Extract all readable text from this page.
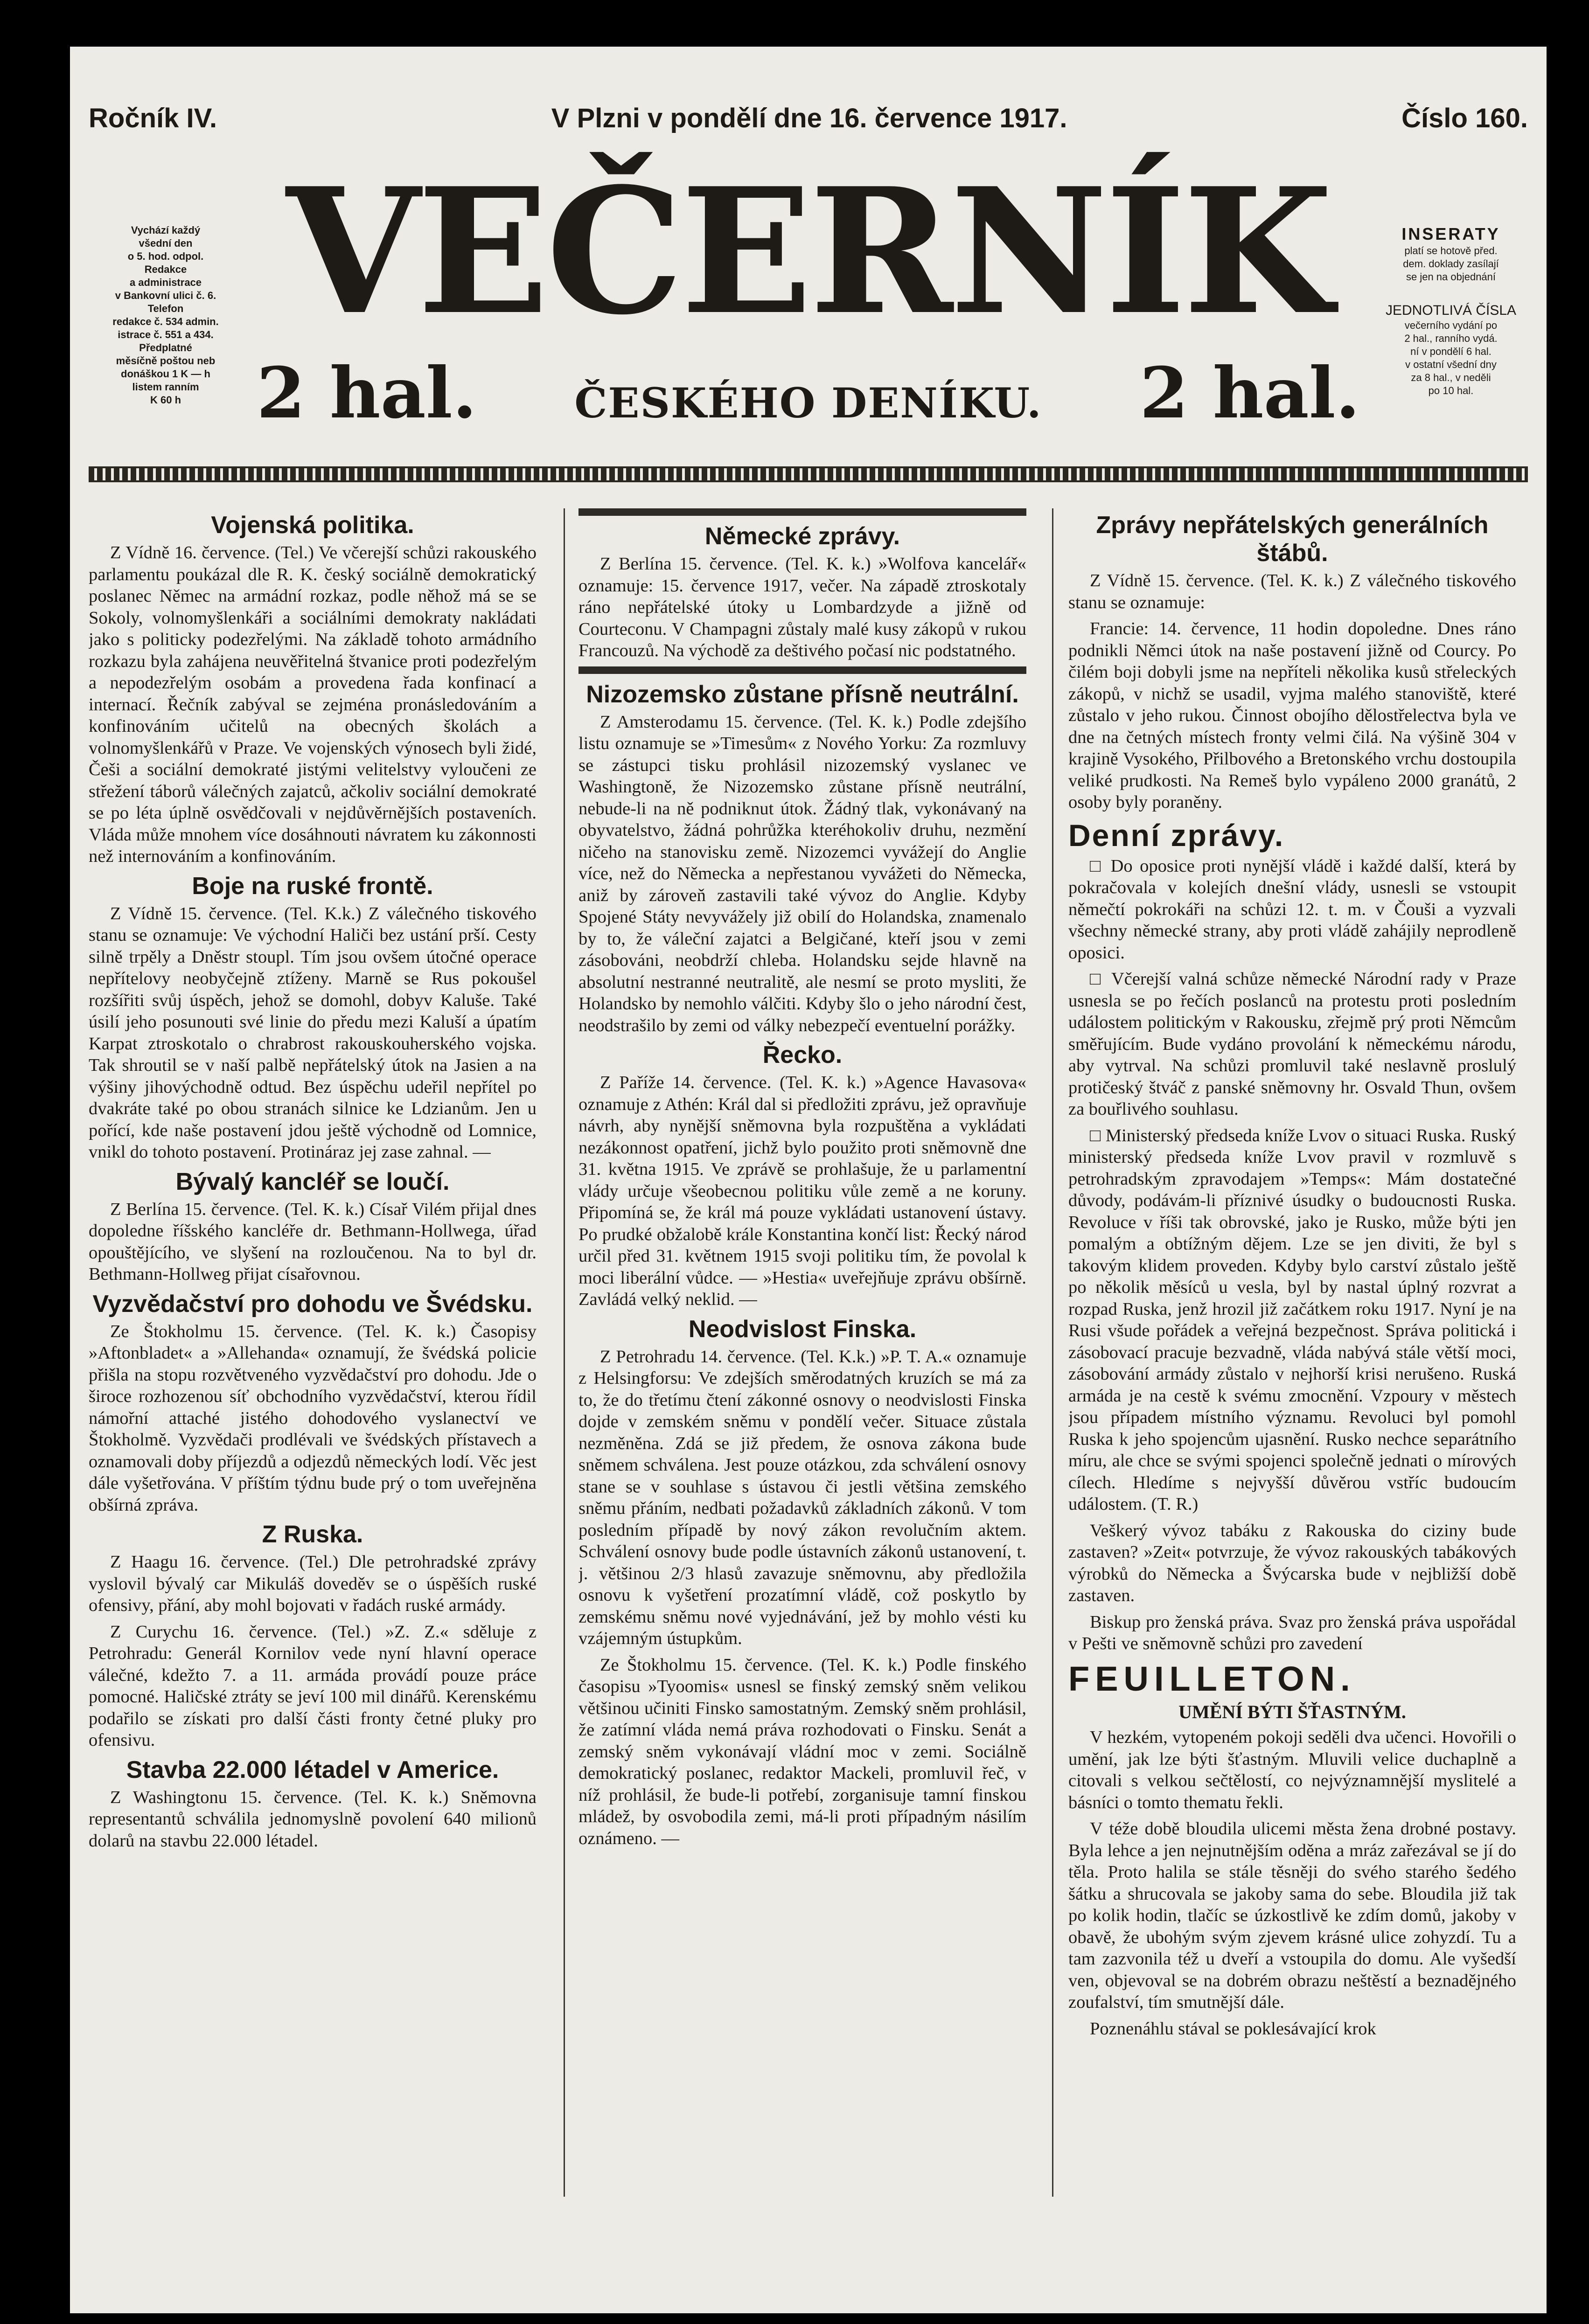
Ročník IV.	V Plzni v pondělí dne 16. července 1917.	Číslo 160.
Vychází každý
všední den
o 5. hod. odpol.
Redakce
a administrace
v Bankovní ulici č. 6.
Telefon
redakce č. 534 admin.
istrace č. 551 a 434.
Předplatné
měsíčně poštou neb
donáškou 1 K — h
listem ranním
K 60 h
VEČERNÍK
2 hal. ČESKÉHO DENÍKU. 2 hal.
INSERATY
platí se hotově před.
dem. doklady zasílají
se jen na objednání
JEDNOTLIVÁ ČÍSLA
večerního vydání po
2 hal., ranního vydá.
ní v pondělí 6 hal.
v ostatní všední dny
za 8 hal., v neděli
po 10 hal.
Vojenská politika.

Z Vídně 16. července. (Tel.) Ve včerejší schůzi rakouského parlamentu poukázal dle R. K. český sociálně demokratický poslanec Němec na armádní rozkaz, podle něhož má se se Sokoly, volnomyšlenkáři a sociálními demokraty nakládati jako s politicky podezřelými. Na základě tohoto armádního rozkazu byla zahájena neuvěřitelná štvanice proti podezřelým a nepodezřelým osobám a provedena řada konfinací a internací. Řečník zabýval se zejména pronásledováním a konfinováním učitelů na obecných školách a volnomyšlenkářů v Praze. Ve vojenských výnosech byli židé, Češi a sociální demokraté jistými velitelstvy vyloučeni ze střežení táborů válečných zajatců, ačkoliv sociální demokraté se po léta úplně osvědčovali v nejdůvěrnějších postaveních. Vláda může mnohem více dosáhnouti návratem ku zákonnosti než internováním a konfinováním.

Boje na ruské frontě.

Z Vídně 15. července. (Tel. K.k.) Z válečného tiskového stanu se oznamuje: Ve východní Haliči bez ustání prší. Cesty silně trpěly a Dněstr stoupl. Tím jsou ovšem útočné operace nepřítelovy neobyčejně ztíženy. Marně se Rus pokoušel rozšířiti svůj úspěch, jehož se domohl, dobyv Kaluše. Také úsilí jeho posunouti své linie do předu mezi Kaluší a úpatím Karpat ztroskotalo o chrabrost rakouskouherského vojska. Tak shroutil se v naší palbě nepřátelský útok na Jasien a na výšiny jihovýchodně odtud. Bez úspěchu udeřil nepřítel po dvakráte také po obou stranách silnice ke Ldzianům. Jen u pořící, kde naše postavení jdou ještě východně od Lomnice, vnikl do tohoto postavení. Protináraz jej zase zahnal. —

Bývalý kancléř se loučí.

Z Berlína 15. července. (Tel. K. k.) Císař Vilém přijal dnes dopoledne říšského kancléře dr. Bethmann-Hollwega, úřad opouštějícího, ve slyšení na rozloučenou. Na to byl dr. Bethmann-Hollweg přijat císařovnou.

Vyzvědačství pro dohodu ve Švédsku.

Ze Štokholmu 15. července. (Tel. K. k.) Časopisy »Aftonbladet« a »Allehanda« oznamují, že švédská policie přišla na stopu rozvětveného vyzvědačství pro dohodu. Jde o široce rozhozenou síť obchodního vyzvědačství, kterou řídil námořní attaché jistého dohodového vyslanectví ve Štokholmě. Vyzvědači prodlévali ve švédských přístavech a oznamovali doby příjezdů a odjezdů německých lodí. Věc jest dále vyšetřována. V příštím týdnu bude prý o tom uveřejněna obšírná zpráva.

Z Ruska.

Z Haagu 16. července. (Tel.) Dle petrohradské zprávy vyslovil bývalý car Mikuláš doveděv se o úspěších ruské ofensivy, přání, aby mohl bojovati v řadách ruské armády.

Z Curychu 16. července. (Tel.) »Z. Z.« sděluje z Petrohradu: Generál Kornilov vede nyní hlavní operace válečné, kdežto 7. a 11. armáda provádí pouze práce pomocné. Haličské ztráty se jeví 100 mil dinářů. Kerenskému podařilo se získati pro další části fronty četné pluky pro ofensivu.

Stavba 22.000 létadel v Americe.

Z Washingtonu 15. července. (Tel. K. k.) Sněmovna representantů schválila jednomyslně povolení 640 milionů dolarů na stavbu 22.000 létadel.

Německé zprávy.

Z Berlína 15. července. (Tel. K. k.) »Wolfova kancelář« oznamuje: 15. července 1917, večer. Na západě ztroskotaly ráno nepřátelské útoky u Lombardzyde a jižně od Courteconu. V Champagni zůstaly malé kusy zákopů v rukou Francouzů. Na východě za deštivého počasí nic podstatného.

Nizozemsko zůstane přísně neutrální.

Z Amsterodamu 15. července. (Tel. K. k.) Podle zdejšího listu oznamuje se »Timesům« z Nového Yorku: Za rozmluvy se zástupci tisku prohlásil nizozemský vyslanec ve Washingtoně, že Nizozemsko zůstane přísně neutrální, nebude-li na ně podniknut útok. Žádný tlak, vykonávaný na obyvatelstvo, žádná pohrůžka kteréhokoliv druhu, nezmění ničeho na stanovisku země. Nizozemci vyvážejí do Anglie více, než do Německa a nepřestanou vyvážeti do Německa, aniž by zároveň zastavili také vývoz do Anglie. Kdyby Spojené Státy nevyvážely již obilí do Holandska, znamenalo by to, že váleční zajatci a Belgičané, kteří jsou v zemi zásobováni, neobdrží chleba. Holandsku sejde hlavně na absolutní nestranné neutralitě, ale nesmí se proto mysliti, že Holandsko by nemohlo válčiti. Kdyby šlo o jeho národní čest, neodstrašilo by zemi od války nebezpečí eventuelní porážky.

Řecko.

Z Paříže 14. července. (Tel. K. k.) »Agence Havasova« oznamuje z Athén: Král dal si předložiti zprávu, jež opravňuje návrh, aby nynější sněmovna byla rozpuštěna a vykládati nezákonnost opatření, jichž bylo použito proti sněmovně dne 31. května 1915. Ve zprávě se prohlašuje, že u parlamentní vlády určuje všeobecnou politiku vůle země a ne koruny. Připomíná se, že král má pouze vykládati ustanovení ústavy. Po prudké obžalobě krále Konstantina končí list: Řecký národ určil před 31. květnem 1915 svoji politiku tím, že povolal k moci liberální vůdce. — »Hestia« uveřejňuje zprávu obšírně. Zavládá velký neklid. —

Neodvislost Finska.

Z Petrohradu 14. července. (Tel. K.k.) »P. T. A.« oznamuje z Helsingforsu: Ve zdejších směrodatných kruzích se má za to, že do třetímu čtení zákonné osnovy o neodvislosti Finska dojde v zemském sněmu v pondělí večer. Situace zůstala nezměněna. Zdá se již předem, že osnova zákona bude sněmem schválena. Jest pouze otázkou, zda schválení osnovy stane se v souhlase s ústavou či jestli většina zemského sněmu přáním, nedbati požadavků základních zákonů. V tom posledním případě by nový zákon revolučním aktem. Schválení osnovy bude podle ústavních zákonů ustanovení, t. j. většinou 2/3 hlasů zavazuje sněmovnu, aby předložila osnovu k vyšetření prozatímní vládě, což poskytlo by zemskému sněmu nové vyjednávání, jež by mohlo vésti ku vzájemným ústupkům.

Ze Štokholmu 15. července. (Tel. K. k.) Podle finského časopisu »Tyoomis« usnesl se finský zemský sněm velikou většinou učiniti Finsko samostatným. Zemský sněm prohlásil, že zatímní vláda nemá práva rozhodovati o Finsku. Senát a zemský sněm vykonávají vládní moc v zemi. Sociálně demokratický poslanec, redaktor Mackeli, promluvil řeč, v níž prohlásil, že bude-li potřebí, zorganisuje tamní finskou mládež, by osvobodila zemi, má-li proti případným násilím oznámeno. —

Zprávy nepřátelských generálních štábů.

Z Vídně 15. července. (Tel. K. k.) Z válečného tiskového stanu se oznamuje:

Francie: 14. července, 11 hodin dopoledne. Dnes ráno podnikli Němci útok na naše postavení jižně od Courcy. Po čilém boji dobyli jsme na nepříteli několika kusů střeleckých zákopů, v nichž se usadil, vyjma malého stanoviště, které zůstalo v jeho rukou. Činnost obojího dělostřelectva byla ve dne na četných místech fronty velmi čilá. Na výšině 304 v krajině Vysokého, Přilbového a Bretonského vrchu dostoupila veliké prudkosti. Na Remeš bylo vypáleno 2000 granátů, 2 osoby byly poraněny.

Denní zprávy.

□ Do oposice proti nynější vládě i každé další, která by pokračovala v kolejích dnešní vlády, usnesli se vstoupit němečtí pokrokáři na schůzi 12. t. m. v Čouši a vyzvali všechny německé strany, aby proti vládě zahájily neprodleně oposici.

□ Včerejší valná schůze německé Národní rady v Praze usnesla se po řečích poslanců na protestu proti posledním událostem politickým v Rakousku, zřejmě prý proti Němcům směřujícím. Bude vydáno provolání k německému národu, aby vytrval. Na schůzi promluvil také neslavně proslulý protičeský štváč z panské sněmovny hr. Osvald Thun, ovšem za bouřlivého souhlasu.

□ Ministerský předseda kníže Lvov o situaci Ruska. Ruský ministerský předseda kníže Lvov pravil v rozmluvě s petrohradským zpravodajem »Temps«: Mám dostatečné důvody, podávám-li příznivé úsudky o budoucnosti Ruska. Revoluce v říši tak obrovské, jako je Rusko, může býti jen pomalým a obtížným dějem. Lze se jen diviti, že byl s takovým klidem proveden. Kdyby bylo carství zůstalo ještě po několik měsíců u vesla, byl by nastal úplný rozvrat a rozpad Ruska, jenž hrozil již začátkem roku 1917. Nyní je na Rusi všude pořádek a veřejná bezpečnost. Správa politická i zásobovací pracuje bezvadně, vláda nabývá stále větší moci, zásobování armády zůstalo v nejhorší krisi nerušeno. Ruská armáda je na cestě k svému zmocnění. Vzpoury v městech jsou případem místního významu. Revoluci byl pomohl Ruska k jeho spojencům ujasnění. Rusko nechce separátního míru, ale chce se svými spojenci společně jednati o mírových cílech. Hledíme s nejvyšší důvěrou vstříc budoucím událostem. (T. R.)

Veškerý vývoz tabáku z Rakouska do ciziny bude zastaven? »Zeit« potvrzuje, že vývoz rakouských tabákových výrobků do Německa a Švýcarska bude v nejbližší době zastaven.

Biskup pro ženská práva. Svaz pro ženská práva uspořádal v Pešti ve sněmovně schůzi pro zavedení

FEUILLETON.
UMĚNÍ BÝTI ŠŤASTNÝM.

V hezkém, vytopeném pokoji seděli dva učenci. Hovořili o umění, jak lze býti šťastným. Mluvili velice duchaplně a citovali s velkou sečtělostí, co nejvýznamnější myslitelé a básníci o tomto thematu řekli.

V téže době bloudila ulicemi města žena drobné postavy. Byla lehce a jen nejnutnějším oděna a mráz zařezával se jí do těla. Proto halila se stále těsněji do svého starého šedého šátku a shrucovala se jakoby sama do sebe. Bloudila již tak po kolik hodin, tlačíc se úzkostlivě ke zdím domů, jakoby v obavě, že ubohým svým zjevem krásné ulice zohyzdí. Tu a tam zazvonila též u dveří a vstoupila do domu. Ale vyšedší ven, objevoval se na dobrém obrazu neštěstí a beznadějného zoufalství, tím smutnější dále.

Poznenáhlu stával se poklesávající krok
